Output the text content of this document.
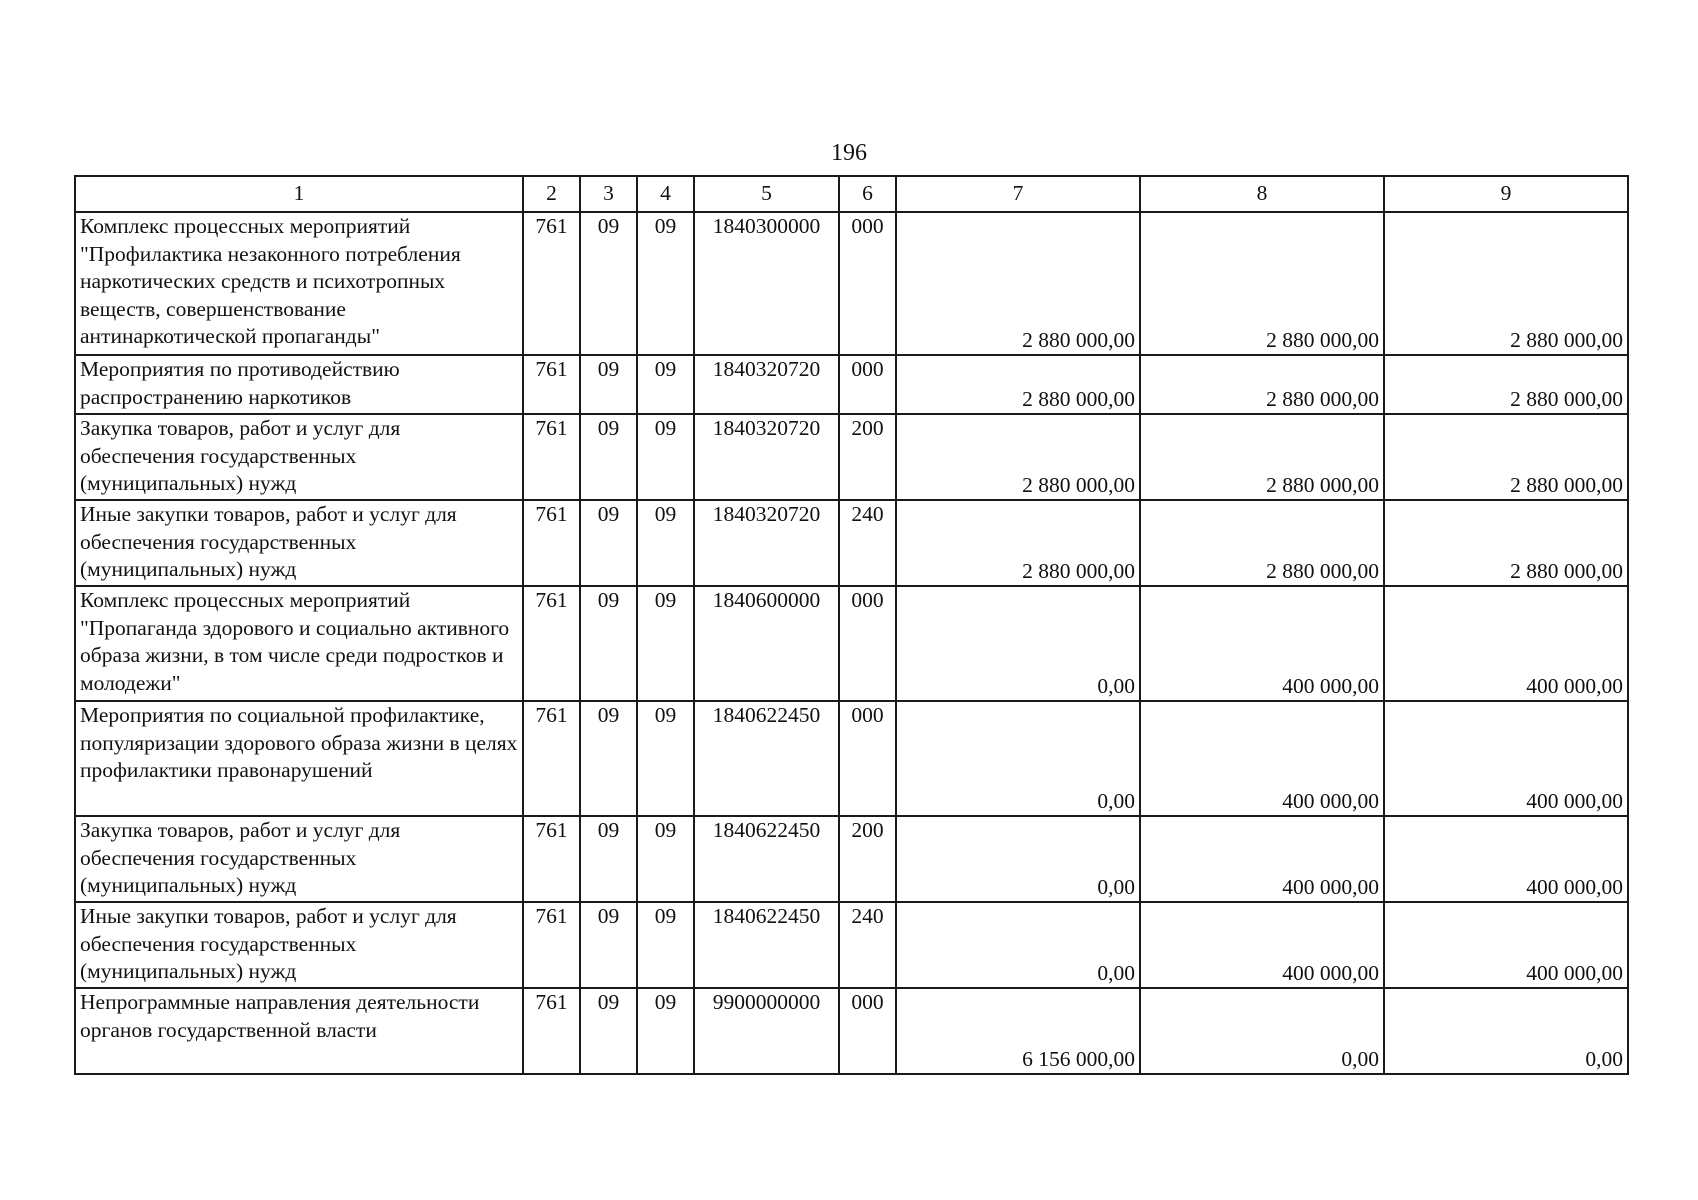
196
1	2	3	4	5	6	7	8	9
Комплекс процессных мероприятий "Профилактика незаконного потребления наркотических средств и психотропных веществ, совершенствование антинаркотической пропаганды"	761	09	09	1840300000	000	2 880 000,00	2 880 000,00	2 880 000,00
Мероприятия по противодействию распространению наркотиков	761	09	09	1840320720	000	2 880 000,00	2 880 000,00	2 880 000,00
Закупка товаров, работ и услуг для обеспечения государственных (муниципальных) нужд	761	09	09	1840320720	200	2 880 000,00	2 880 000,00	2 880 000,00
Иные закупки товаров, работ и услуг для обеспечения государственных (муниципальных) нужд	761	09	09	1840320720	240	2 880 000,00	2 880 000,00	2 880 000,00
Комплекс процессных мероприятий "Пропаганда здорового и социально активного образа жизни, в том числе среди подростков и молодежи"	761	09	09	1840600000	000	0,00	400 000,00	400 000,00
Мероприятия по социальной профилактике, популяризации здорового образа жизни в целях профилактики правонарушений	761	09	09	1840622450	000	0,00	400 000,00	400 000,00
Закупка товаров, работ и услуг для обеспечения государственных (муниципальных) нужд	761	09	09	1840622450	200	0,00	400 000,00	400 000,00
Иные закупки товаров, работ и услуг для обеспечения государственных (муниципальных) нужд	761	09	09	1840622450	240	0,00	400 000,00	400 000,00
Непрограммные направления деятельности органов государственной власти	761	09	09	9900000000	000	6 156 000,00	0,00	0,00
